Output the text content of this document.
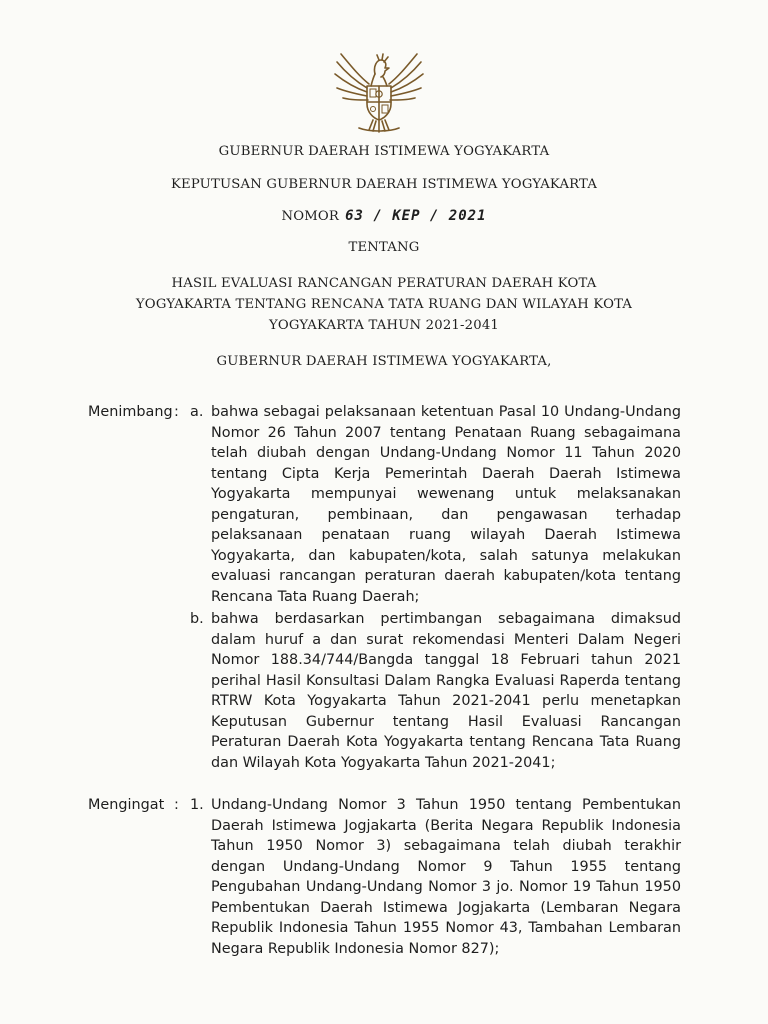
GUBERNUR DAERAH ISTIMEWA YOGYAKARTA
KEPUTUSAN GUBERNUR DAERAH ISTIMEWA YOGYAKARTA
NOMOR 63 / KEP / 2021
TENTANG
HASIL EVALUASI RANCANGAN PERATURAN DAERAH KOTA
YOGYAKARTA TENTANG RENCANA TATA RUANG DAN WILAYAH KOTA
YOGYAKARTA TAHUN 2021-2041
GUBERNUR DAERAH ISTIMEWA YOGYAKARTA,
Menimbang : a. bahwa sebagai pelaksanaan ketentuan Pasal 10 Undang-Undang Nomor 26 Tahun 2007 tentang Penataan Ruang sebagaimana telah diubah dengan Undang-Undang Nomor 11 Tahun 2020 tentang Cipta Kerja Pemerintah Daerah Daerah Istimewa Yogyakarta mempunyai wewenang untuk melaksanakan pengaturan, pembinaan, dan pengawasan terhadap pelaksanaan penataan ruang wilayah Daerah Istimewa Yogyakarta, dan kabupaten/kota, salah satunya melakukan evaluasi rancangan peraturan daerah kabupaten/kota tentang Rencana Tata Ruang Daerah;
b. bahwa berdasarkan pertimbangan sebagaimana dimaksud dalam huruf a dan surat rekomendasi Menteri Dalam Negeri Nomor 188.34/744/Bangda tanggal 18 Februari tahun 2021 perihal Hasil Konsultasi Dalam Rangka Evaluasi Raperda tentang RTRW Kota Yogyakarta Tahun 2021-2041 perlu menetapkan Keputusan Gubernur tentang Hasil Evaluasi Rancangan Peraturan Daerah Kota Yogyakarta tentang Rencana Tata Ruang dan Wilayah Kota Yogyakarta Tahun 2021-2041;
Mengingat : 1. Undang-Undang Nomor 3 Tahun 1950 tentang Pembentukan Daerah Istimewa Jogjakarta (Berita Negara Republik Indonesia Tahun 1950 Nomor 3) sebagaimana telah diubah terakhir dengan Undang-Undang Nomor 9 Tahun 1955 tentang Pengubahan Undang-Undang Nomor 3 jo. Nomor 19 Tahun 1950 Pembentukan Daerah Istimewa Jogjakarta (Lembaran Negara Republik Indonesia Tahun 1955 Nomor 43, Tambahan Lembaran Negara Republik Indonesia Nomor 827);
